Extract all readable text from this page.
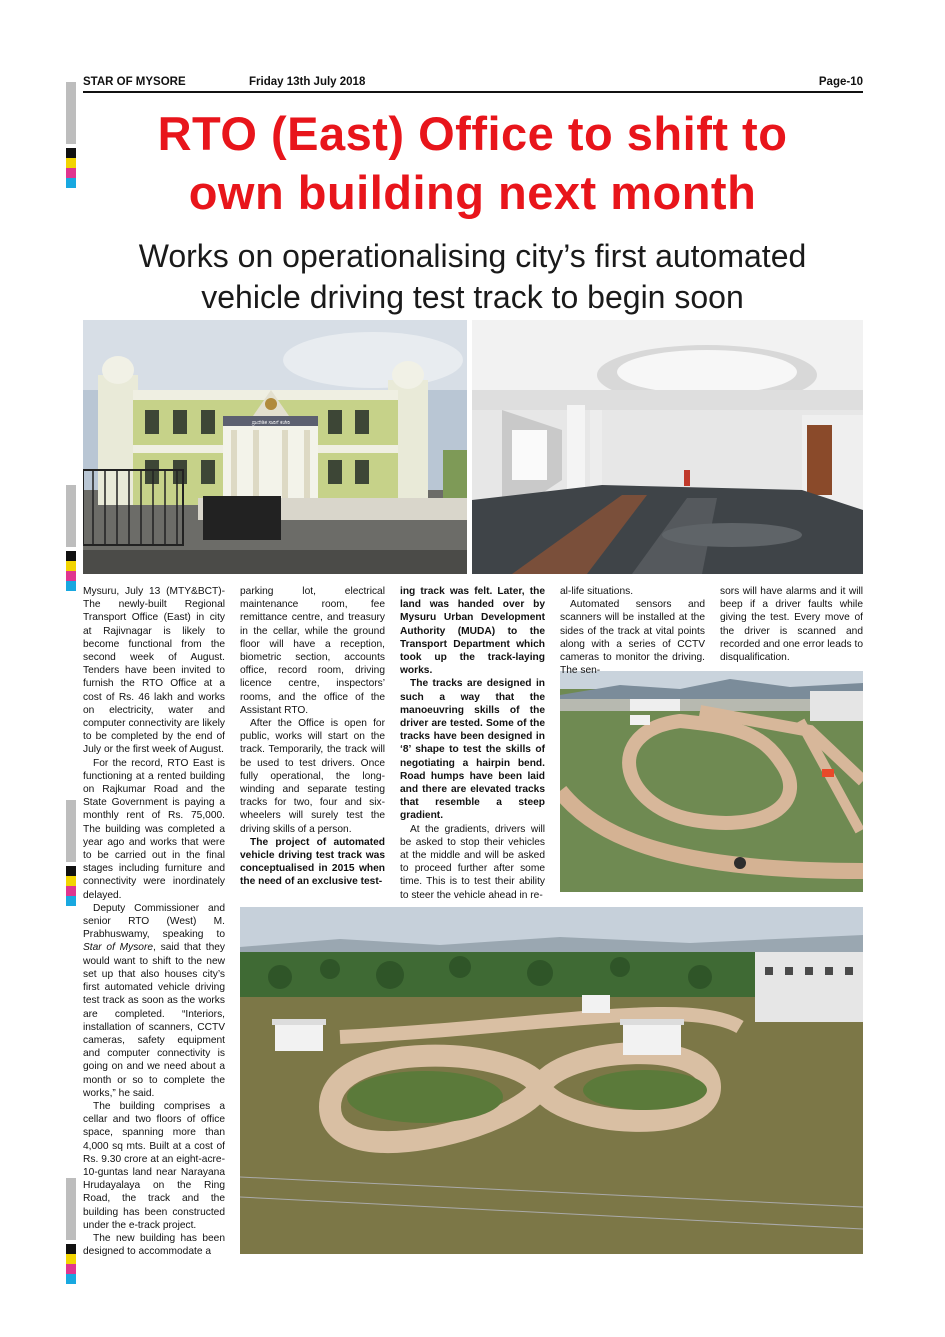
STAR OF MYSORE	Friday 13th July 2018	Page-10
RTO (East) Office to shift to
own building next month
Works on operationalising city’s first automated
vehicle driving test track to begin soon
ಪ್ರಾದೇಶಿಕ ಸಾರಿಗೆ ಕಚೇರಿ

Mysuru, July 13 (MTY&BCT)- The newly-built Regional Transport Office (East) in city at Rajivnagar is likely to become functional from the second week of August. Tenders have been invited to furnish the RTO Office at a cost of Rs. 46 lakh and works on electricity, water and computer connectivity are likely to be completed by the end of July or the first week of August.

For the record, RTO East is functioning at a rented building on Rajkumar Road and the State Government is paying a monthly rent of Rs. 75,000. The building was completed a year ago and works that were to be carried out in the final stages including furniture and connectivity were inordinately delayed.

Deputy Commissioner and senior RTO (West) M. Prabhuswamy, speaking to Star of Mysore, said that they would want to shift to the new set up that also houses city’s first automated vehicle driving test track as soon as the works are completed. “Interiors, installation of scanners, CCTV cameras, safety equipment and computer connectivity is going on and we need about a month or so to complete the works,” he said.

The building comprises a cellar and two floors of office space, spanning more than 4,000 sq mts. Built at a cost of Rs. 9.30 crore at an eight-acre-10-guntas land near Narayana Hrudayalaya on the Ring Road, the track and the building has been constructed under the e-track project.

The new building has been designed to accommodate a

parking lot, electrical maintenance room, fee remittance centre, and treasury in the cellar, while the ground floor will have a reception, biometric section, accounts office, record room, driving licence centre, inspectors’ rooms, and the office of the Assistant RTO.

After the Office is open for public, works will start on the track. Temporarily, the track will be used to test drivers. Once fully operational, the long-winding and separate testing tracks for two, four and six-wheelers will surely test the driving skills of a person.

The project of automated vehicle driving test track was conceptualised in 2015 when the need of an exclusive test-

ing track was felt. Later, the land was handed over by Mysuru Urban Development Authority (MUDA) to the Transport Department which took up the track-laying works.

The tracks are designed in such a way that the manoeuvring skills of the driver are tested. Some of the tracks have been designed in ‘8’ shape to test the skills of negotiating a hairpin bend. Road humps have been laid and there are elevated tracks that resemble a steep gradient.

At the gradients, drivers will be asked to stop their vehicles at the middle and will be asked to proceed further after some time. This is to test their ability to steer the vehicle ahead in re-

al-life situations.

Automated sensors and scanners will be installed at the sides of the track at vital points along with a series of CCTV cameras to monitor the driving. The sen-

sors will have alarms and it will beep if a driver faults while giving the test. Every move of the driver is scanned and recorded and one error leads to disqualification.
